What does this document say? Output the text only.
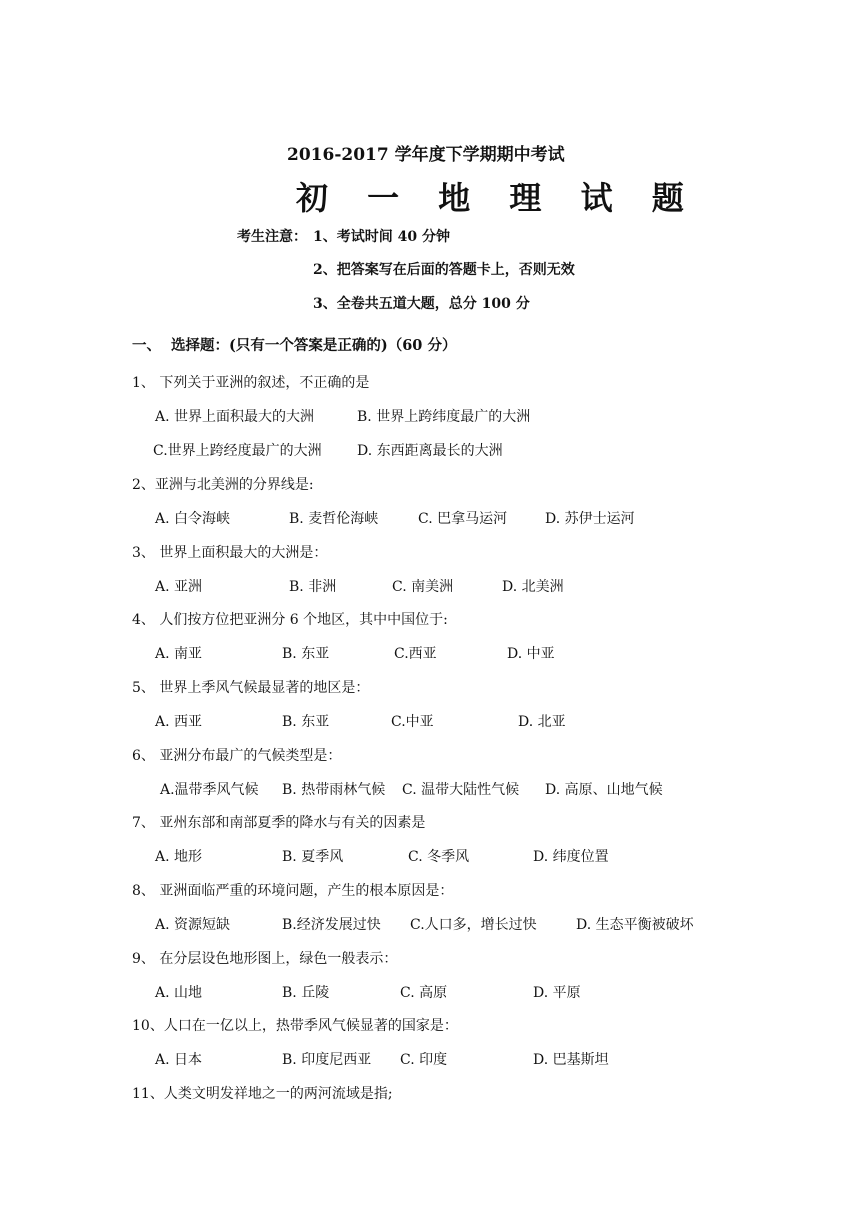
2016-2017 学年度下学期期中考试
初 一 地 理 试 题
考生注意： 1、考试时间 40 分钟
2、把答案写在后面的答题卡上，否则无效
3、全卷共五道大题，总分 100 分
一、 选择题：(只有一个答案是正确的)（60 分）
1、 下列关于亚洲的叙述，不正确的是
A. 世界上面积最大的大洲	B. 世界上跨纬度最广的大洲
C.世界上跨经度最广的大洲	D. 东西距离最长的大洲
2、亚洲与北美洲的分界线是:
A. 白令海峡	B. 麦哲伦海峡	C. 巴拿马运河	D. 苏伊士运河
3、 世界上面积最大的大洲是：
A. 亚洲	B. 非洲	C. 南美洲	D. 北美洲
4、 人们按方位把亚洲分 6 个地区，其中中国位于:
A. 南亚	B. 东亚	C.西亚	D. 中亚
5、 世界上季风气候最显著的地区是：
A. 西亚	B. 东亚	C.中亚	D. 北亚
6、 亚洲分布最广的气候类型是：
A.温带季风气候 B. 热带雨林气候 C. 温带大陆性气候 D. 高原、山地气候
7、 亚州东部和南部夏季的降水与有关的因素是
A. 地形	B. 夏季风	C. 冬季风	D. 纬度位置
8、 亚洲面临严重的环境问题，产生的根本原因是：
A. 资源短缺	B.经济发展过快 C.人口多，增长过快	D. 生态平衡被破坏
9、 在分层设色地形图上，绿色一般表示：
A. 山地	B. 丘陵	C. 高原	D. 平原
10、人口在一亿以上，热带季风气候显著的国家是：
A. 日本	B. 印度尼西亚 C. 印度	D. 巴基斯坦
11、人类文明发祥地之一的两河流域是指;
